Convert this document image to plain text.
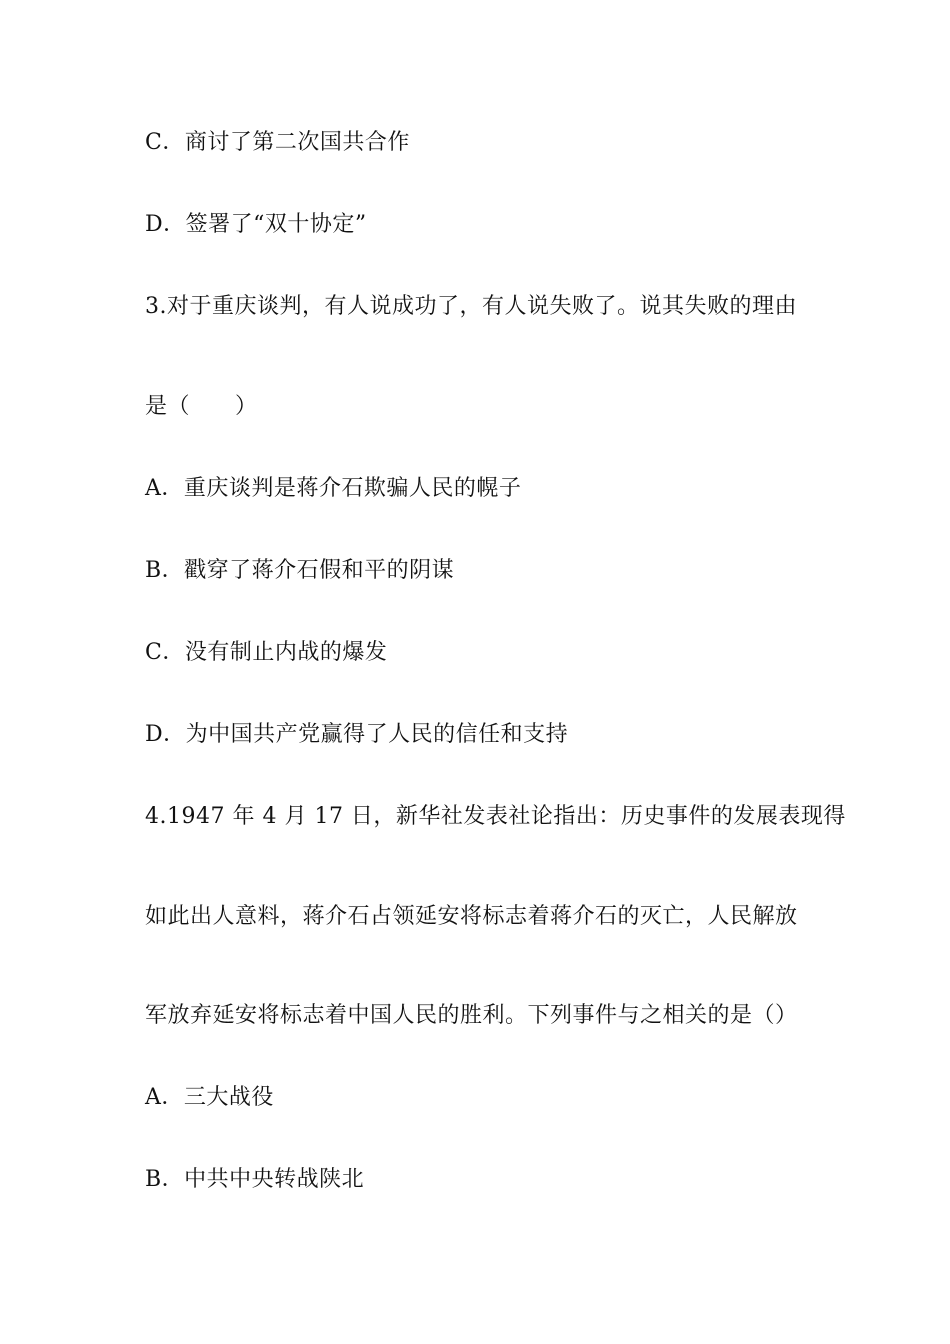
C．商讨了第二次国共合作
D．签署了“双十协定”
3.对于重庆谈判，有人说成功了，有人说失败了。说其失败的理由
是（　　）
A．重庆谈判是蒋介石欺骗人民的幌子
B．戳穿了蒋介石假和平的阴谋
C．没有制止内战的爆发
D．为中国共产党赢得了人民的信任和支持
4.1947 年 4 月 17 日，新华社发表社论指出：历史事件的发展表现得
如此出人意料，蒋介石占领延安将标志着蒋介石的灭亡，人民解放
军放弃延安将标志着中国人民的胜利。下列事件与之相关的是（）
A．三大战役
B．中共中央转战陕北
